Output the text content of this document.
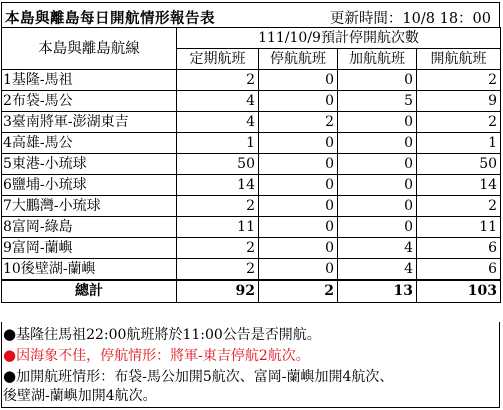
本島與離島每日開航情形報告表	更新時間：10/8 18：00
本島與離島航線	111/10/9預計停開航次數			
	定期航班	停航航班	加航航班	開航航班
1基隆-馬祖	2	0	0	2
2布袋-馬公	4	0	5	9
3臺南將軍-澎湖東吉	4	2	0	2
4高雄-馬公	1	0	0	1
5東港-小琉球	50	0	0	50
6鹽埔-小琉球	14	0	0	14
7大鵬灣-小琉球	2	0	0	2
8富岡-綠島	11	0	0	11
9富岡-蘭嶼	2	0	4	6
10後壁湖-蘭嶼	2	0	4	6
總計	92	2	13	103
●基隆往馬祖22:00航班將於11:00公告是否開航。
●因海象不佳，停航情形：將軍-東吉停航2航次。
●加開航班情形：布袋-馬公加開5航次、富岡-蘭嶼加開4航次、
後壁湖-蘭嶼加開4航次。
